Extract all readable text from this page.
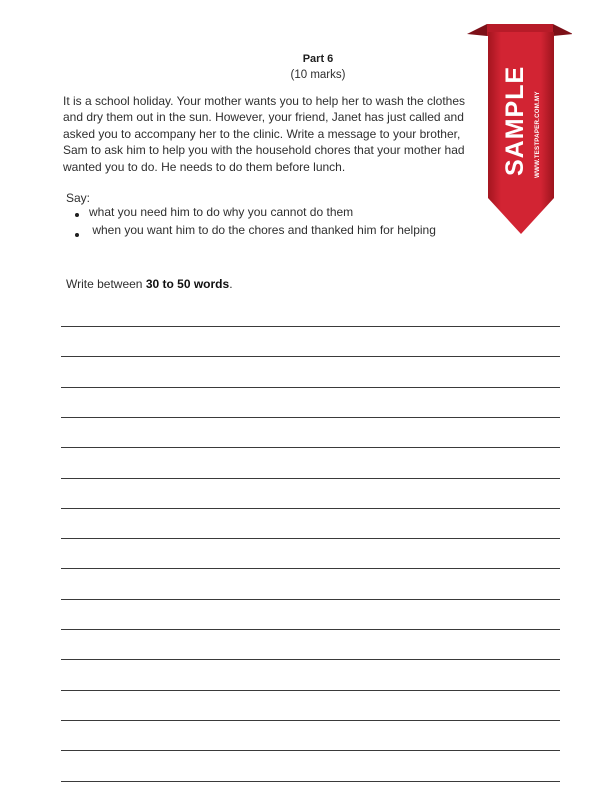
Part 6
(10 marks)
It is a school holiday. Your mother wants you to help her to wash the clothes
and dry them out in the sun. However, your friend, Janet has just called and
asked you to accompany her to the clinic. Write a message to your brother,
Sam to ask him to help you with the household chores that your mother had
wanted you to do. He needs to do them before lunch.
Say:
what you need him to do why you cannot do them
when you want him to do the chores and thanked him for helping
Write between 30 to 50 words.
SAMPLE WWW.TESTPAPER.COM.MY
